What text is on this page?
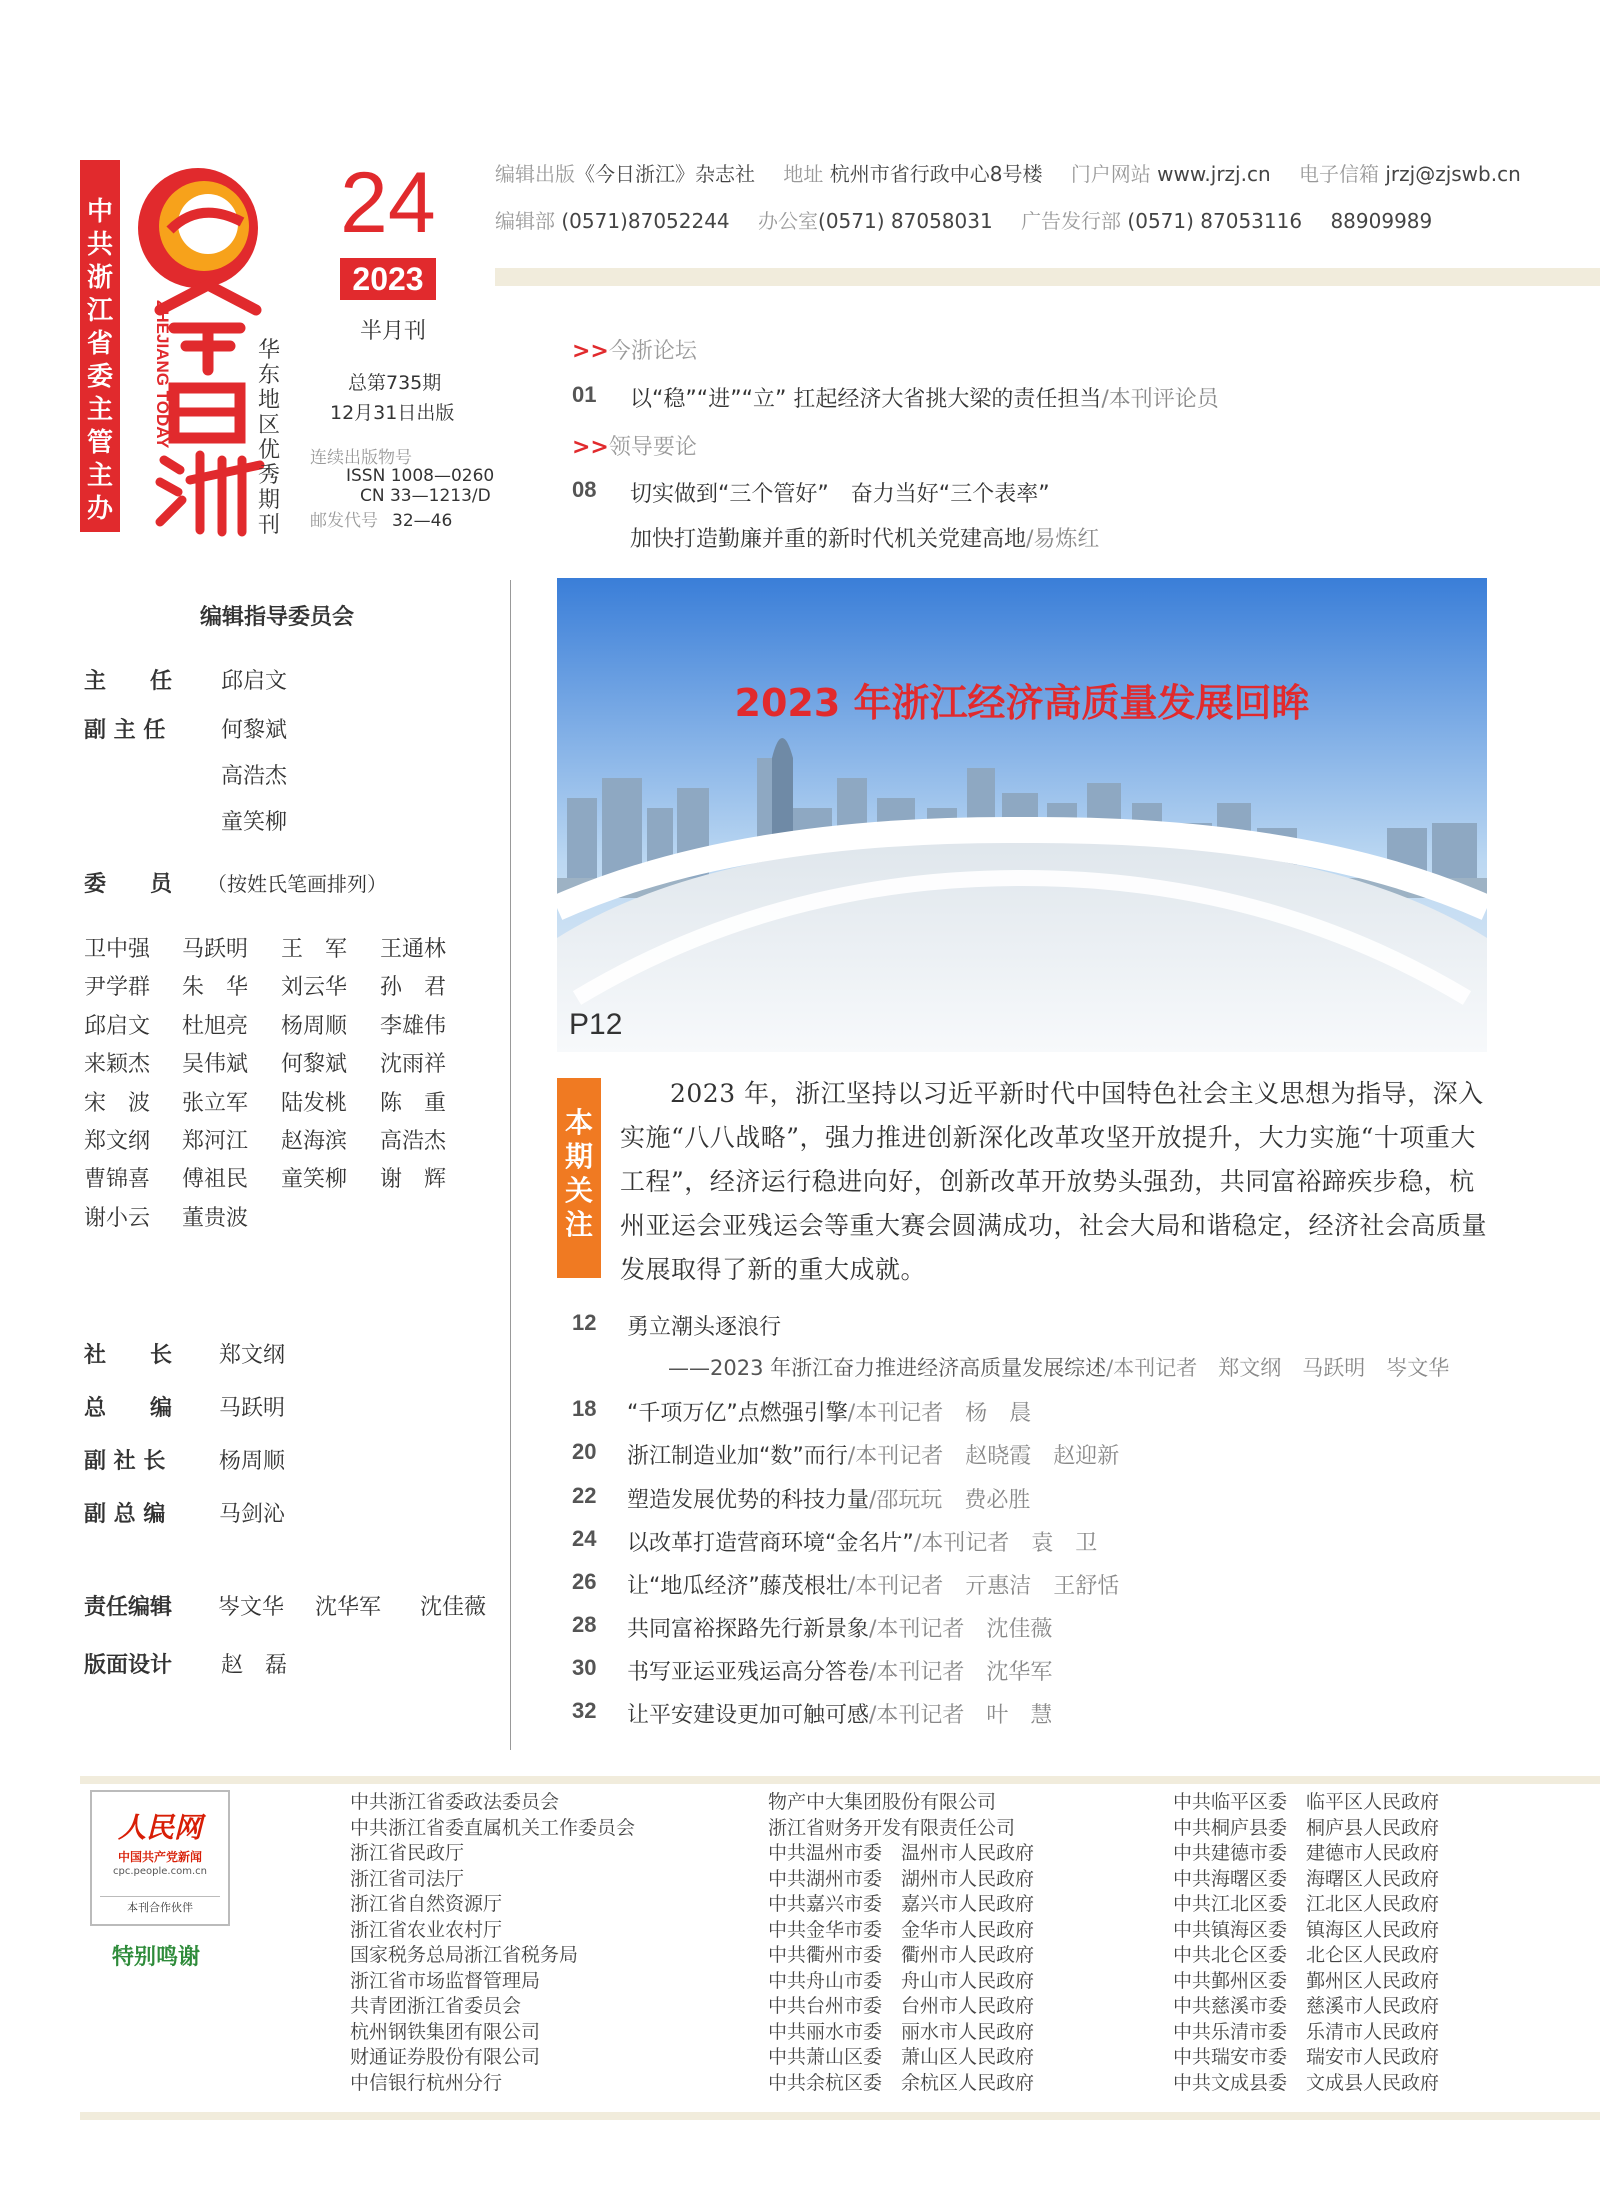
中共浙江省委主管主办
ZHEJIANG TODAY	华东地区优秀期刊
24
2023
半月刊
总第735期
12月31日出版
连续出版物号
ISSN 1008—0260
CN 33—1213/D
邮发代号 32—46
编辑出版《今日浙江》杂志社 地址 杭州市省行政中心8号楼 门户网站 www.jrzj.cn 电子信箱 jrzj@zjswb.cn
编辑部 (0571)87052244 办公室(0571) 87058031 广告发行部 (0571) 87053116 88909989
>>今浙论坛
01 以“稳”“进”“立” 扛起经济大省挑大梁的责任担当/本刊评论员
>>领导要论
08 切实做到“三个管好”　奋力当好“三个表率”
加快打造勤廉并重的新时代机关党建高地/易炼红
2023 年浙江经济高质量发展回眸
P12
本期关注
2023 年，浙江坚持以习近平新时代中国特色社会主义思想为指导，深入实施“八八战略”，强力推进创新深化改革攻坚开放提升，大力实施“十项重大工程”，经济运行稳进向好，创新改革开放势头强劲，共同富裕蹄疾步稳，杭州亚运会亚残运会等重大赛会圆满成功，社会大局和谐稳定，经济社会高质量发展取得了新的重大成就。
12 勇立潮头逐浪行
——2023 年浙江奋力推进经济高质量发展综述/本刊记者　郑文纲　马跃明　岑文华
18 “千项万亿”点燃强引擎/本刊记者　杨　晨
20 浙江制造业加“数”而行/本刊记者　赵晓霞　赵迎新
22 塑造发展优势的科技力量/邵玩玩　费必胜
24 以改革打造营商环境“金名片”/本刊记者　袁　卫
26 让“地瓜经济”藤茂根壮/本刊记者　亓惠洁　王舒恬
28 共同富裕探路先行新景象/本刊记者　沈佳薇
30 书写亚运亚残运高分答卷/本刊记者　沈华军
32 让平安建设更加可触可感/本刊记者　叶　慧
编辑指导委员会
主　　任 邱启文
副 主 任	何黎斌
高浩杰
童笑柳
委　　员 （按姓氏笔画排列）
卫中强 马跃明 王　军 王通林
尹学群 朱　华 刘云华 孙　君
邱启文 杜旭亮 杨周顺 李雄伟
来颖杰 吴伟斌 何黎斌 沈雨祥
宋　波 张立军 陆发桃 陈　重
郑文纲 郑河江 赵海滨 高浩杰
曹锦喜 傅祖民 童笑柳 谢　辉
谢小云 董贵波
社　　长 郑文纲
总　　编 马跃明
副 社 长 杨周顺
副 总 编 马剑沁
责任编辑 岑文华 沈华军 沈佳薇
版面设计 赵　磊
人民网
中国共产党新闻
cpc.people.com.cn
本刊合作伙伴
特别鸣谢
中共浙江省委政法委员会
中共浙江省委直属机关工作委员会
浙江省民政厅
浙江省司法厅
浙江省自然资源厅
浙江省农业农村厅
国家税务总局浙江省税务局
浙江省市场监督管理局
共青团浙江省委员会
杭州钢铁集团有限公司
财通证券股份有限公司
中信银行杭州分行
物产中大集团股份有限公司
浙江省财务开发有限责任公司
中共温州市委　温州市人民政府
中共湖州市委　湖州市人民政府
中共嘉兴市委　嘉兴市人民政府
中共金华市委　金华市人民政府
中共衢州市委　衢州市人民政府
中共舟山市委　舟山市人民政府
中共台州市委　台州市人民政府
中共丽水市委　丽水市人民政府
中共萧山区委　萧山区人民政府
中共余杭区委　余杭区人民政府
中共临平区委　临平区人民政府
中共桐庐县委　桐庐县人民政府
中共建德市委　建德市人民政府
中共海曙区委　海曙区人民政府
中共江北区委　江北区人民政府
中共镇海区委　镇海区人民政府
中共北仑区委　北仑区人民政府
中共鄞州区委　鄞州区人民政府
中共慈溪市委　慈溪市人民政府
中共乐清市委　乐清市人民政府
中共瑞安市委　瑞安市人民政府
中共文成县委　文成县人民政府
